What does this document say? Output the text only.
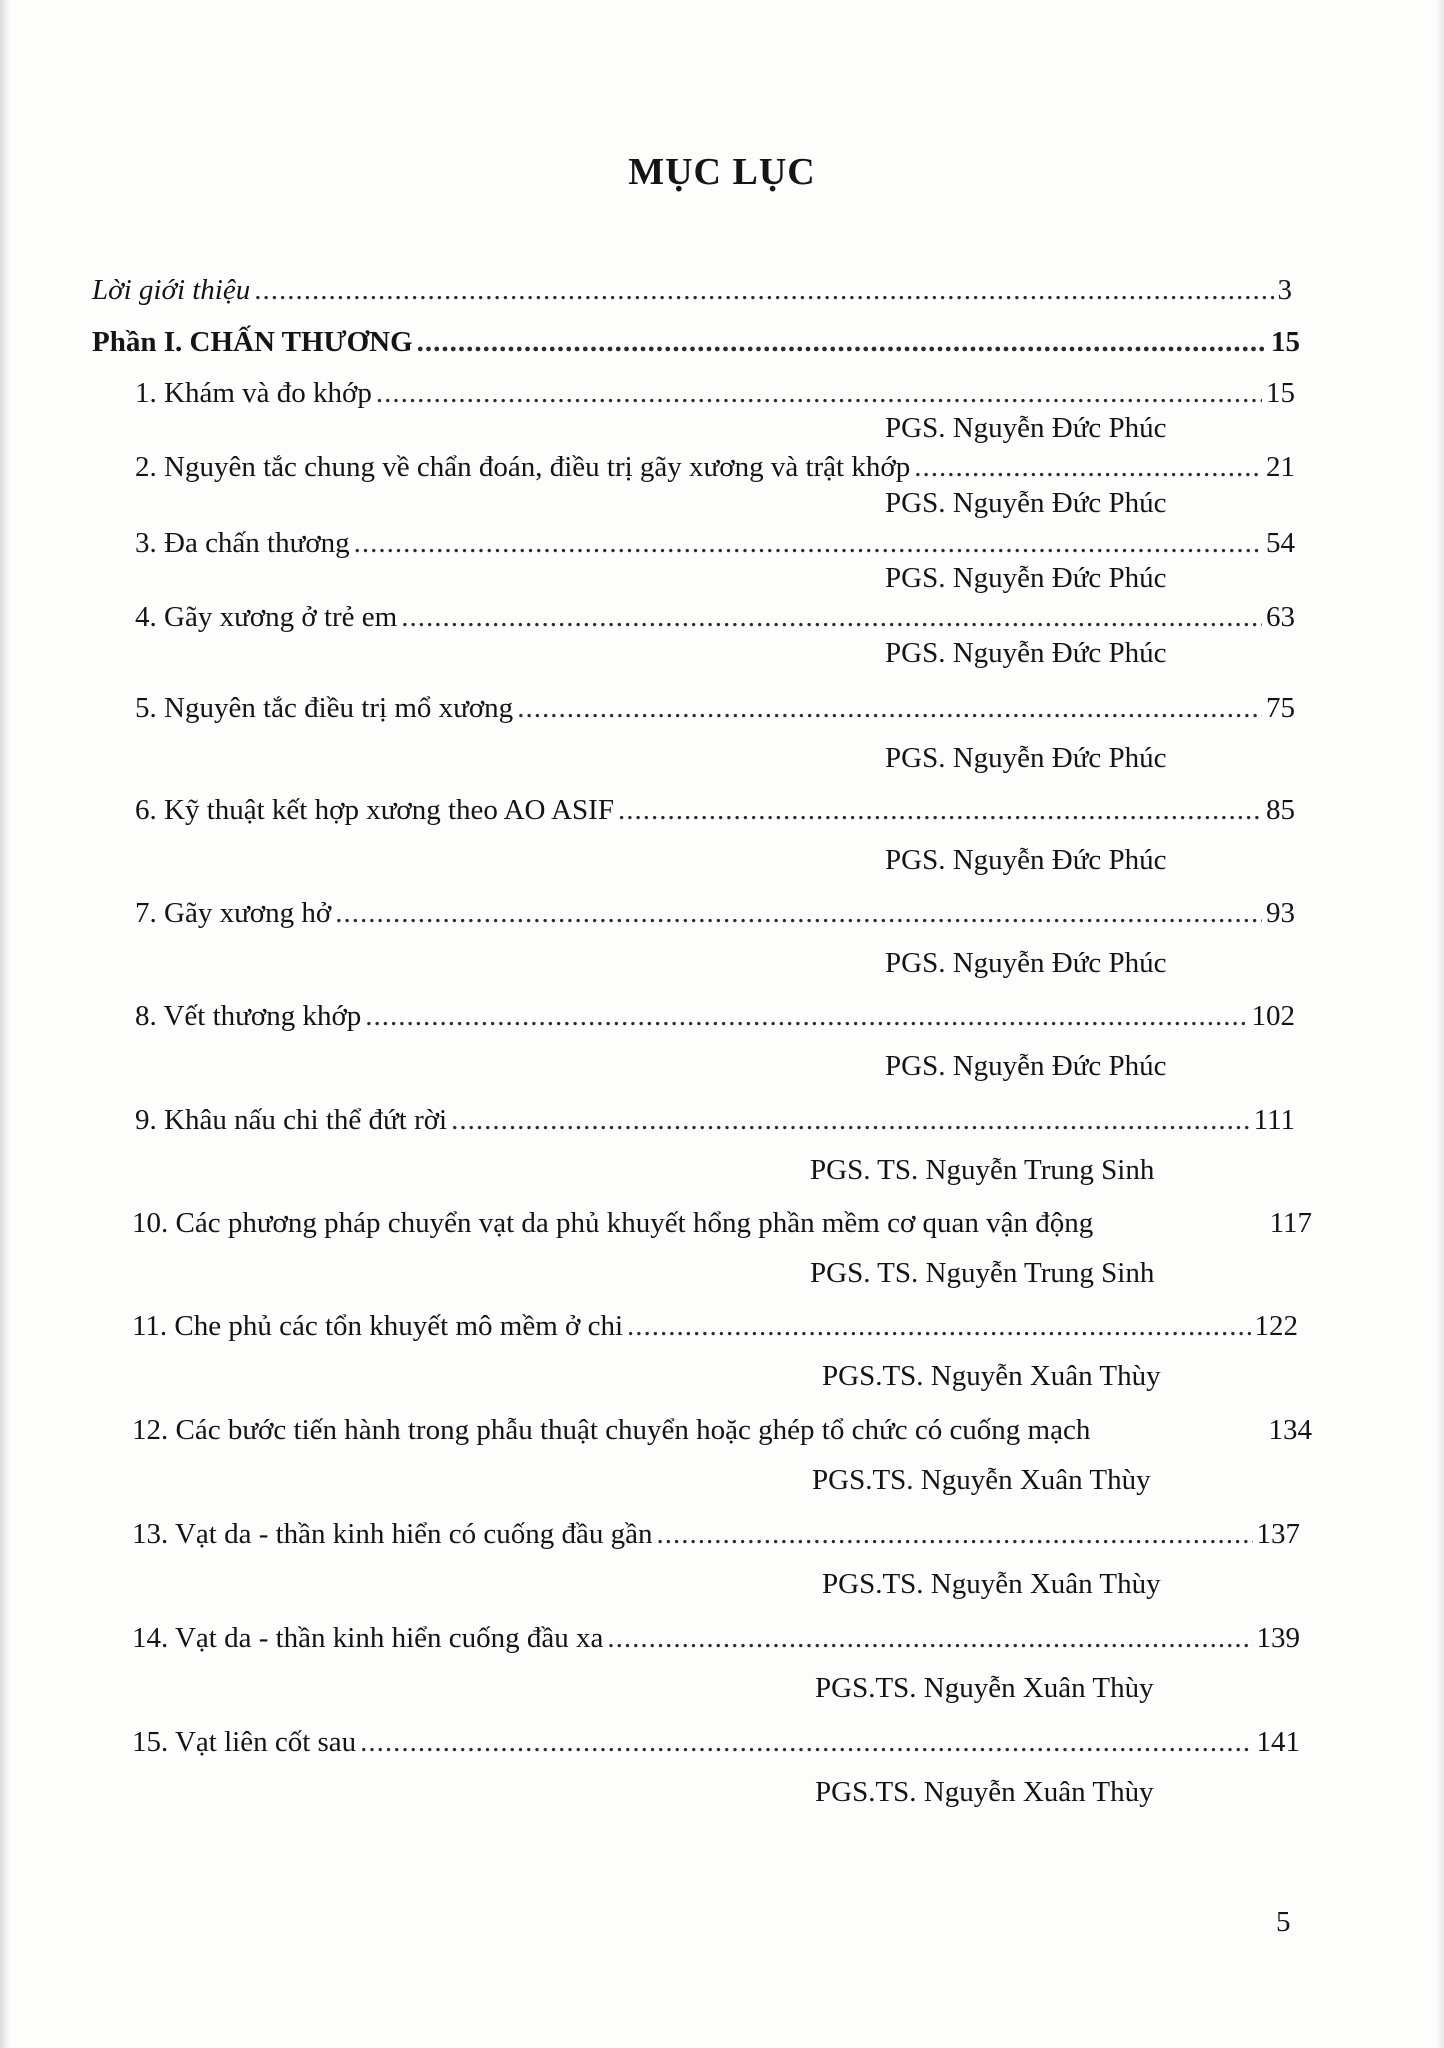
MỤC LỤC
Lời giới thiệu .....	3
Phần I. CHẤN THƯƠNG .....	15
1. Khám và đo khớp .....	15
PGS. Nguyễn Đức Phúc
2. Nguyên tắc chung về chẩn đoán, điều trị gãy xương và trật khớp .....	21
PGS. Nguyễn Đức Phúc
3. Đa chấn thương .....	54
PGS. Nguyễn Đức Phúc
4. Gãy xương ở trẻ em .....	63
PGS. Nguyễn Đức Phúc
5. Nguyên tắc điều trị mổ xương .....	75
PGS. Nguyễn Đức Phúc
6. Kỹ thuật kết hợp xương theo AO ASIF .....	85
PGS. Nguyễn Đức Phúc
7. Gãy xương hở .....	93
PGS. Nguyễn Đức Phúc
8. Vết thương khớp .....	102
PGS. Nguyễn Đức Phúc
9. Khâu nấu chi thể đứt rời .....	111
PGS. TS. Nguyễn Trung Sinh
10. Các phương pháp chuyển vạt da phủ khuyết hổng phần mềm cơ quan vận động	117
PGS. TS. Nguyễn Trung Sinh
11. Che phủ các tổn khuyết mô mềm ở chi .....	122
PGS.TS. Nguyễn Xuân Thùy
12. Các bước tiến hành trong phẫu thuật chuyển hoặc ghép tổ chức có cuống mạch	134
PGS.TS. Nguyễn Xuân Thùy
13. Vạt da - thần kinh hiển có cuống đầu gần .....	137
PGS.TS. Nguyễn Xuân Thùy
14. Vạt da - thần kinh hiển cuống đầu xa .....	139
PGS.TS. Nguyễn Xuân Thùy
15. Vạt liên cốt sau .....	141
PGS.TS. Nguyễn Xuân Thùy
5
